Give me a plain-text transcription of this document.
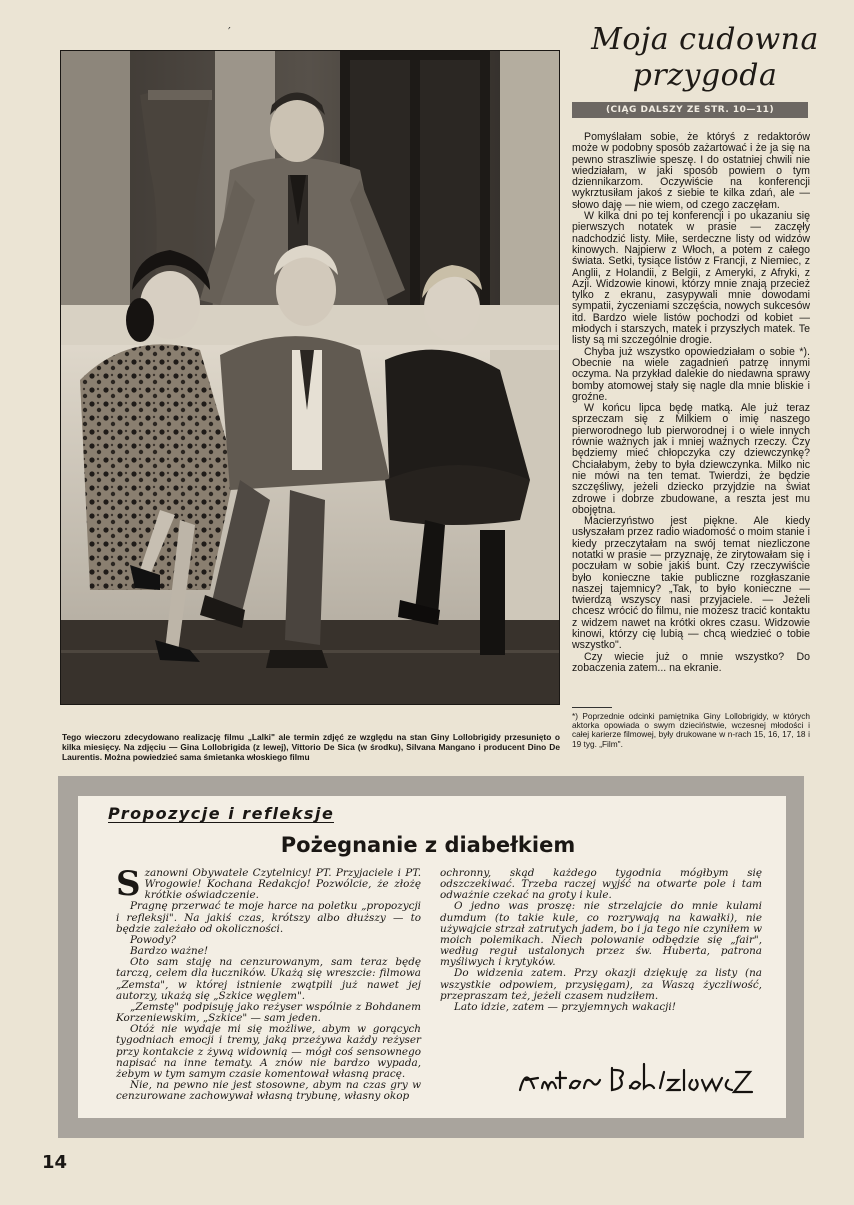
′	Moja cudowna
przygoda
(CIĄG DALSZY ZE STR. 10—11)

Pomyślałam sobie, że któryś z redaktorów może w podobny sposób zażartować i że ja się na pewno straszliwie speszę. I do ostatniej chwili nie wiedziałam, w jaki sposób powiem o tym dziennikarzom. Oczywiście na konferencji wykrztusiłam jakoś z siebie te kilka zdań, ale — słowo daję — nie wiem, od czego zaczęłam.

W kilka dni po tej konferencji i po ukazaniu się pierwszych notatek w prasie — zaczęły nadchodzić listy. Miłe, serdeczne listy od widzów kinowych. Najpierw z Włoch, a potem z całego świata. Setki, tysiące listów z Francji, z Niemiec, z Anglii, z Holandii, z Belgii, z Ameryki, z Afryki, z Azji. Widzowie kinowi, którzy mnie znają przecież tylko z ekranu, zasypywali mnie dowodami sympatii, życzeniami szczęścia, nowych sukcesów itd. Bardzo wiele listów pochodzi od kobiet — młodych i starszych, matek i przyszłych matek. Te listy są mi szczególnie drogie.

Chyba już wszystko opowiedziałam o sobie *). Obecnie na wiele zagadnień patrzę innymi oczyma. Na przykład dalekie do niedawna sprawy bomby atomowej stały się nagle dla mnie bliskie i groźne.

W końcu lipca będę matką. Ale już teraz sprzeczam się z Milkiem o imię naszego pierworodnego lub pierworodnej i o wiele innych równie ważnych jak i mniej ważnych rzeczy. Czy będziemy mieć chłopczyka czy dziewczynkę? Chciałabym, żeby to była dziewczynka. Milko nic nie mówi na ten temat. Twierdzi, że będzie szczęśliwy, jeżeli dziecko przyjdzie na świat zdrowe i dobrze zbudowane, a reszta jest mu obojętna.

Macierzyństwo jest piękne. Ale kiedy usłyszałam przez radio wiadomość o moim stanie i kiedy przeczytałam na swój temat niezliczone notatki w prasie — przyznaję, że zirytowałam się i poczułam w sobie jakiś bunt. Czy rzeczywiście było konieczne takie publiczne rozgłaszanie naszej tajemnicy? „Tak, to było konieczne — twierdzą wszyscy nasi przyjaciele. — Jeżeli chcesz wrócić do filmu, nie możesz tracić kontaktu z widzem nawet na krótki okres czasu. Widzowie kinowi, którzy cię lubią — chcą wiedzieć o tobie wszystko".

Czy wiecie już o mnie wszystko? Do zobaczenia zatem... na ekranie.

*) Poprzednie odcinki pamiętnika Giny Lollobrigidy, w których aktorka opowiada o swym dzieciństwie, wczesnej młodości i całej karierze filmowej, były drukowane w n-rach 15, 16, 17, 18 i 19 tyg. „Film".
Tego wieczoru zdecydowano realizację filmu „Lalki" ale termin zdjęć ze względu na stan Giny Lollobrigidy przesunięto o kilka miesięcy. Na zdjęciu — Gina Lollobrigida (z lewej), Vittorio De Sica (w środku), Silvana Mangano i producent Dino De Laurentis. Można powiedzieć sama śmietanka włoskiego filmu
Propozycje i refleksje
Pożegnanie z diabełkiem
S zanowni Obywatele Czytelnicy! PT. Przyjaciele i PT. Wrogowie! Kochana Redakcjo! Pozwólcie, że złożę krótkie oświadczenie.

Pragnę przerwać te moje harce na poletku „propozycji i refleksji". Na jakiś czas, krótszy albo dłuższy — to będzie zależało od okoliczności.

Powody?

Bardzo ważne!

Oto sam staję na cenzurowanym, sam teraz będę tarczą, celem dla łuczników. Ukażą się wreszcie: filmowa „Zemsta", w której istnienie zwątpili już nawet jej autorzy, ukażą się „Szkice węglem".

„Zemstę" podpisuję jako reżyser wspólnie z Bohdanem Korzeniewskim, „Szkice" — sam jeden.

Otóż nie wydaje mi się możliwe, abym w gorących tygodniach emocji i tremy, jaką przeżywa każdy reżyser przy kontakcie z żywą widownią — mógł coś sensownego napisać na inne tematy. A znów nie bardzo wypada, żebym w tym samym czasie komentował własną pracę.

Nie, na pewno nie jest stosowne, abym na czas gry w cenzurowane zachowywał własną trybunę, własny okop

ochronny, skąd każdego tygodnia mógłbym się odszczekiwać. Trzeba raczej wyjść na otwarte pole i tam odważnie czekać na groty i kule.

O jedno was proszę: nie strzelajcie do mnie kulami dumdum (to takie kule, co rozrywają na kawałki), nie używajcie strzał zatrutych jadem, bo i ja tego nie czyniłem w moich polemikach. Niech polowanie odbędzie się „fair", według reguł ustalonych przez św. Huberta, patrona myśliwych i krytyków.

Do widzenia zatem. Przy okazji dziękuję za listy (na wszystkie odpowiem, przysięgam), za Waszą życzliwość, przepraszam też, jeżeli czasem nudziłem.

Lato idzie, zatem — przyjemnych wakacji!

14
